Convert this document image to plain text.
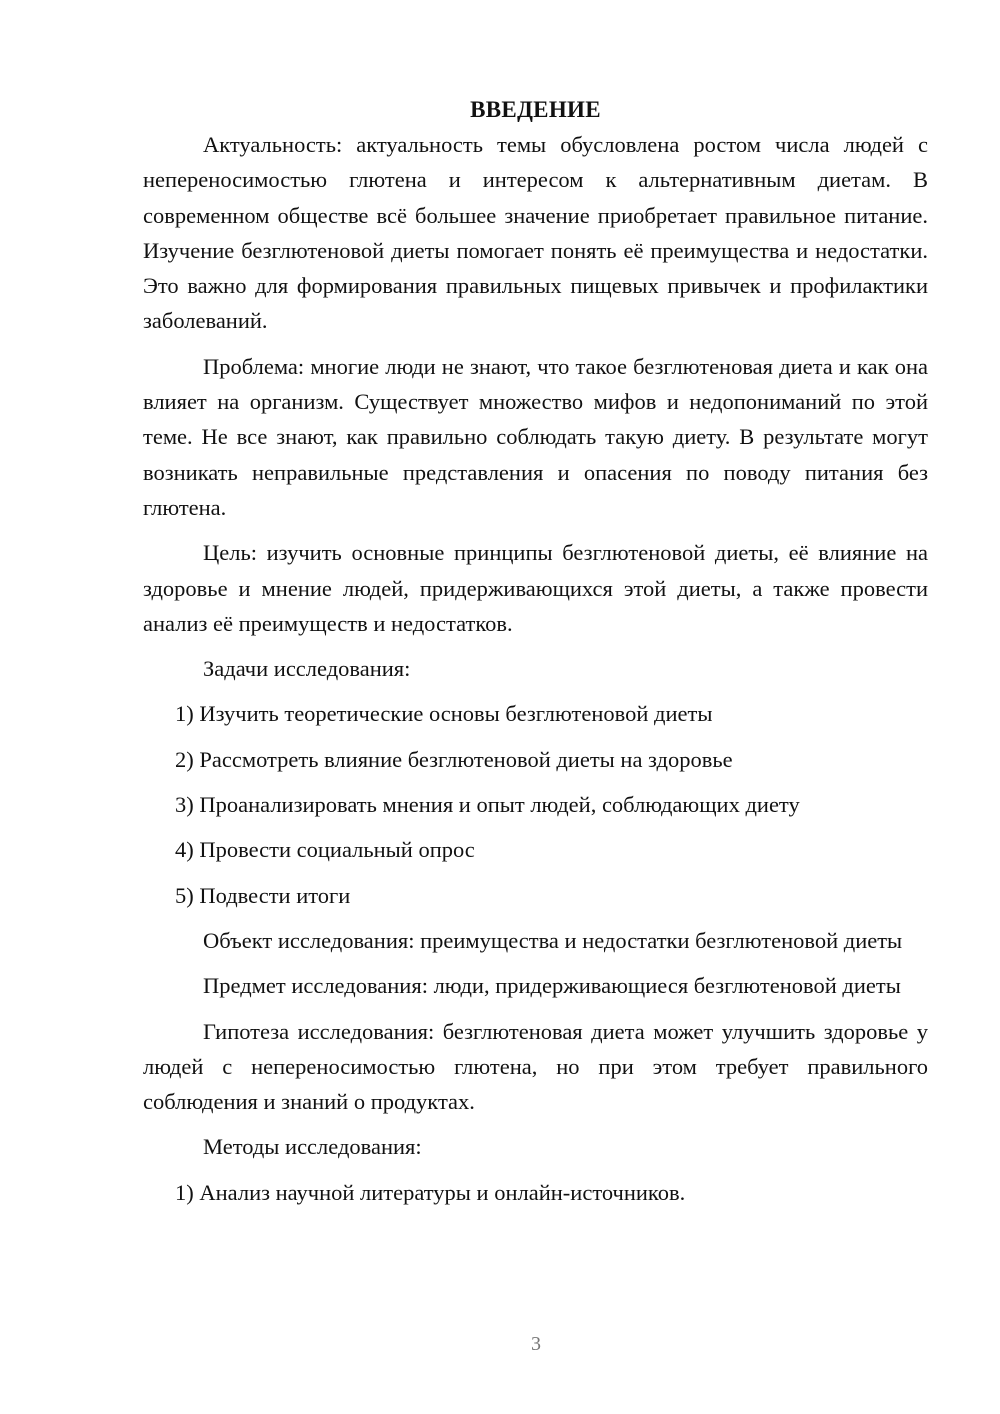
ВВЕДЕНИЕ

Актуальность: актуальность темы обусловлена ростом числа людей с непереносимостью глютена и интересом к альтернативным диетам. В современном обществе всё большее значение приобретает правильное питание. Изучение безглютеновой диеты помогает понять её преимущества и недостатки. Это важно для формирования правильных пищевых привычек и профилактики заболеваний.

Проблема: многие люди не знают, что такое безглютеновая диета и как она влияет на организм. Существует множество мифов и недопониманий по этой теме. Не все знают, как правильно соблюдать такую диету. В результате могут возникать неправильные представления и опасения по поводу питания без глютена.

Цель: изучить основные принципы безглютеновой диеты, её влияние на здоровье и мнение людей, придерживающихся этой диеты, а также провести анализ её преимуществ и недостатков.

Задачи исследования:

1) Изучить теоретические основы безглютеновой диеты

2) Рассмотреть влияние безглютеновой диеты на здоровье

3) Проанализировать мнения и опыт людей, соблюдающих диету

4) Провести социальный опрос

5) Подвести итоги

Объект исследования: преимущества и недостатки безглютеновой диеты

Предмет исследования: люди, придерживающиеся безглютеновой диеты

Гипотеза исследования: безглютеновая диета может улучшить здоровье у людей с непереносимостью глютена, но при этом требует правильного соблюдения и знаний о продуктах.

Методы исследования:

1) Анализ научной литературы и онлайн-источников.

3
